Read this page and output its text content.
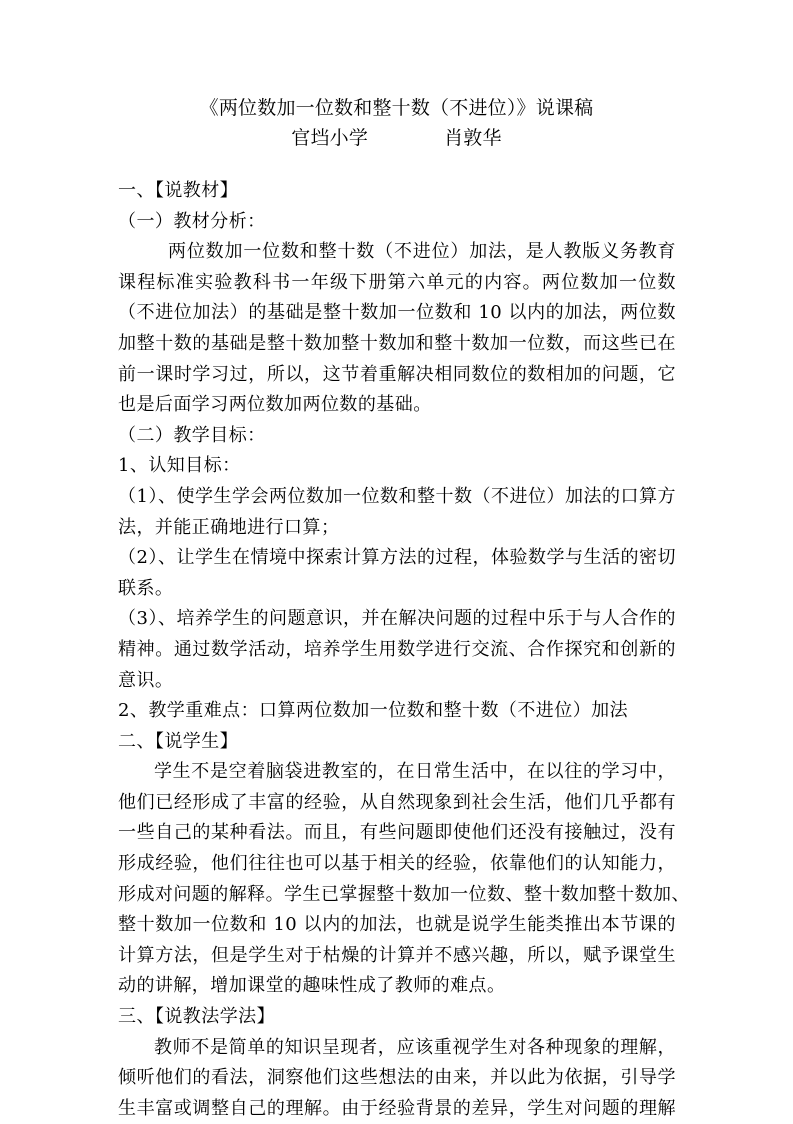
《两位数加一位数和整十数（不进位）》说课稿
官垱小学	肖敦华
一、【说教材】
（一）教材分析：
两位数加一位数和整十数（不进位）加法，是人教版义务教育
课程标准实验教科书一年级下册第六单元的内容。两位数加一位数
（不进位加法）的基础是整十数加一位数和 10 以内的加法，两位数
加整十数的基础是整十数加整十数加和整十数加一位数，而这些已在
前一课时学习过，所以，这节着重解决相同数位的数相加的问题，它
也是后面学习两位数加两位数的基础。
（二）教学目标：
1、认知目标：
（1）、使学生学会两位数加一位数和整十数（不进位）加法的口算方
法，并能正确地进行口算；
（2）、让学生在情境中探索计算方法的过程，体验数学与生活的密切
联系。
（3）、培养学生的问题意识，并在解决问题的过程中乐于与人合作的
精神。通过数学活动，培养学生用数学进行交流、合作探究和创新的
意识。
2、教学重难点：口算两位数加一位数和整十数（不进位）加法
二、【说学生】
学生不是空着脑袋进教室的，在日常生活中，在以往的学习中，
他们已经形成了丰富的经验，从自然现象到社会生活，他们几乎都有
一些自己的某种看法。而且，有些问题即使他们还没有接触过，没有
形成经验，他们往往也可以基于相关的经验，依靠他们的认知能力，
形成对问题的解释。学生已掌握整十数加一位数、整十数加整十数加、
整十数加一位数和 10 以内的加法，也就是说学生能类推出本节课的
计算方法，但是学生对于枯燥的计算并不感兴趣，所以，赋予课堂生
动的讲解，增加课堂的趣味性成了教师的难点。
三、【说教法学法】
教师不是简单的知识呈现者，应该重视学生对各种现象的理解，
倾听他们的看法，洞察他们这些想法的由来，并以此为依据，引导学
生丰富或调整自己的理解。由于经验背景的差异，学生对问题的理解
